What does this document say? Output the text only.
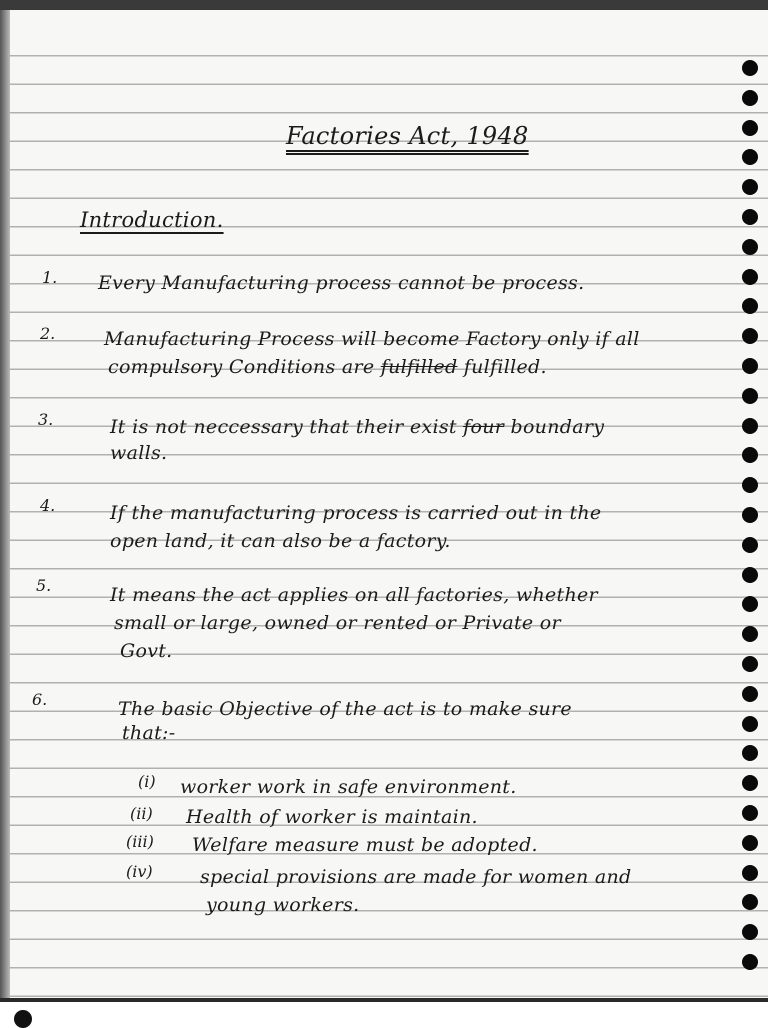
Factories Act, 1948
Introduction.
1. Every Manufacturing process cannot be process.
2.	Manufacturing Process will become Factory only if all
compulsory Conditions are fulfilled fulfilled.
3.	It is not neccessary that their exist four boundary
walls.
4.	If the manufacturing process is carried out in the
open land, it can also be a factory.
5.	It means the act applies on all factories, whether
small or large, owned or rented or Private or
Govt.
6.	The basic Objective of the act is to make sure
that:-
(i) worker work in safe environment.
(ii) Health of worker is maintain.
(iii) Welfare measure must be adopted.
(iv) special provisions are made for women and
young workers.
